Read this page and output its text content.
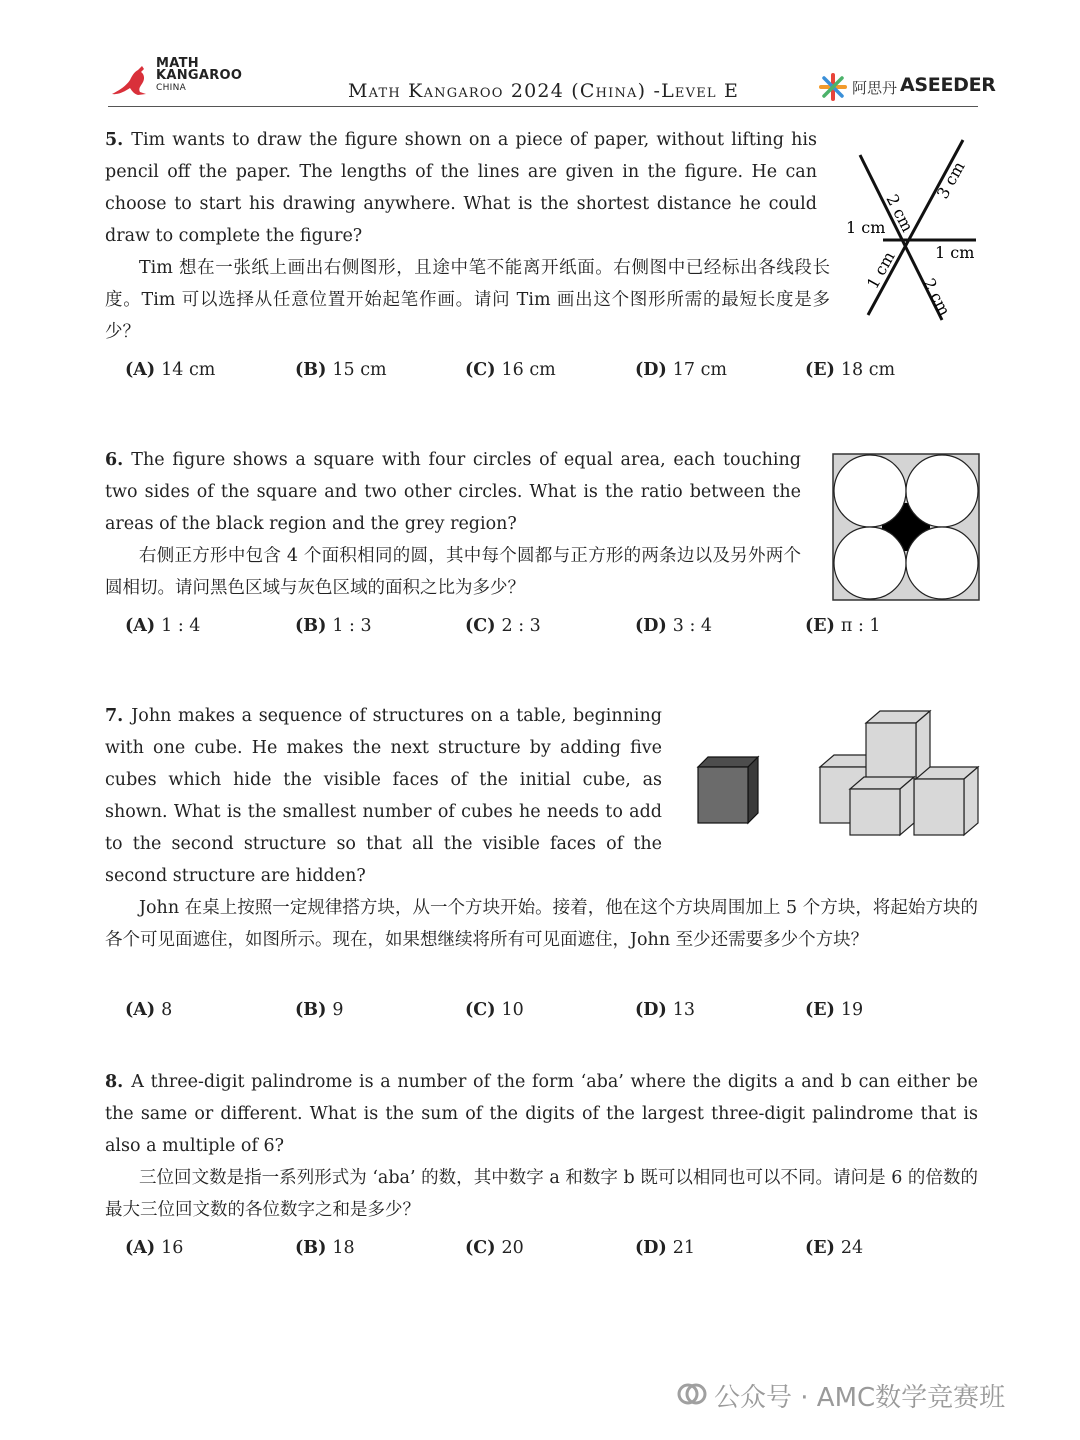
MATH
KANGAROO
CHINA	Math Kangaroo 2024 (China) -Level E	阿思丹 ASEEDER

5. Tim wants to draw the figure shown on a piece of paper, without lifting his pencil off the paper. The lengths of the lines are given in the figure. He can choose to start his drawing anywhere. What is the shortest distance he could draw to complete the figure?

Tim 想在一张纸上画出右侧图形，且途中笔不能离开纸面。右侧图中已经标出各线段长度。Tim 可以选择从任意位置开始起笔作画。请问 Tim 画出这个图形所需的最短长度是多少？

2 cm
3 cm
1 cm
1 cm
1 cm
2 cm
(A) 14 cm	(B) 15 cm	(C) 16 cm	(D) 17 cm	(E) 18 cm

6. The figure shows a square with four circles of equal area, each touching two sides of the square and two other circles. What is the ratio between the areas of the black region and the grey region?

右侧正方形中包含 4 个面积相同的圆，其中每个圆都与正方形的两条边以及另外两个圆相切。请问黑色区域与灰色区域的面积之比为多少？

(A) 1 : 4	(B) 1 : 3	(C) 2 : 3	(D) 3 : 4	(E) π : 1

7. John makes a sequence of structures on a table, beginning with one cube. He makes the next structure by adding five cubes which hide the visible faces of the initial cube, as shown. What is the smallest number of cubes he needs to add to the second structure so that all the visible faces of the second structure are hidden?

John 在桌上按照一定规律搭方块，从一个方块开始。接着，他在这个方块周围加上 5 个方块，将起始方块的各个可见面遮住，如图所示。现在，如果想继续将所有可见面遮住，John 至少还需要多少个方块？

(A) 8	(B) 9	(C) 10	(D) 13	(E) 19

8. A three-digit palindrome is a number of the form ‘aba’ where the digits a and b can either be the same or different. What is the sum of the digits of the largest three-digit palindrome that is also a multiple of 6?

三位回文数是指一系列形式为 ‘aba’ 的数，其中数字 a 和数字 b 既可以相同也可以不同。请问是 6 的倍数的最大三位回文数的各位数字之和是多少？

(A) 16	(B) 18	(C) 20	(D) 21	(E) 24
公众号 · AMC数学竞赛班
